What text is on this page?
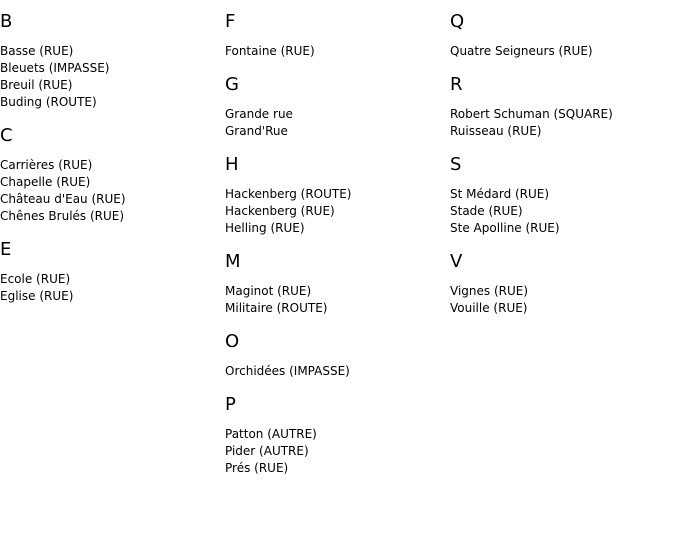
B
Basse (RUE)
Bleuets (IMPASSE)
Breuil (RUE)
Buding (ROUTE)
C
Carrières (RUE)
Chapelle (RUE)
Château d'Eau (RUE)
Chênes Brulés (RUE)
E
Ecole (RUE)
Eglise (RUE)
F
Fontaine (RUE)
G
Grande rue
Grand'Rue
H
Hackenberg (ROUTE)
Hackenberg (RUE)
Helling (RUE)
M
Maginot (RUE)
Militaire (ROUTE)
O
Orchidées (IMPASSE)
P
Patton (AUTRE)
Pider (AUTRE)
Prés (RUE)
Q
Quatre Seigneurs (RUE)
R
Robert Schuman (SQUARE)
Ruisseau (RUE)
S
St Médard (RUE)
Stade (RUE)
Ste Apolline (RUE)
V
Vignes (RUE)
Vouille (RUE)
